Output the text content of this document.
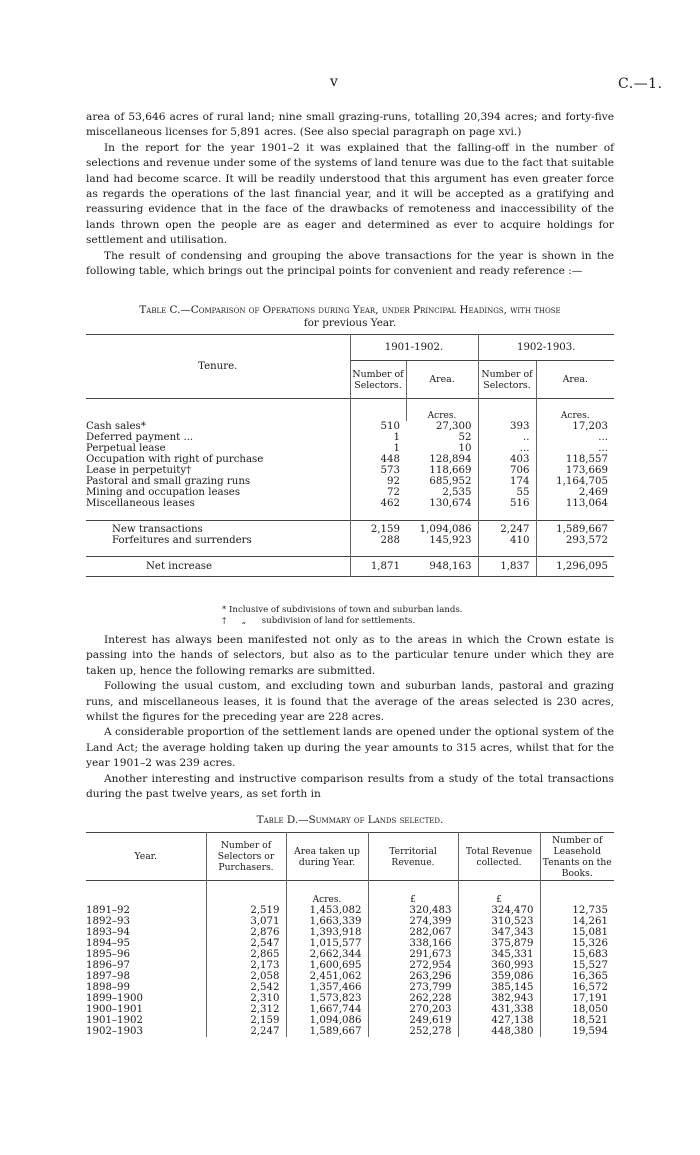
v	C.—1.

area of 53,646 acres of rural land; nine small grazing-runs, totalling 20,394 acres; and forty-five miscellaneous licenses for 5,891 acres. (See also special paragraph on page xvi.)

In the report for the year 1901–2 it was explained that the falling-off in the number of selections and revenue under some of the systems of land tenure was due to the fact that suitable land had become scarce. It will be readily understood that this argument has even greater force as regards the operations of the last financial year, and it will be accepted as a gratifying and reassuring evidence that in the face of the drawbacks of remoteness and inaccessibility of the lands thrown open the people are as eager and determined as ever to acquire holdings for settlement and utilisation.

The result of condensing and grouping the above transactions for the year is shown in the following table, which brings out the principal points for convenient and ready reference :—

Table C.—Comparison of Operations during Year, under Principal Headings, with those
for previous Year.
Tenure.	1901-1902.		1902-1903.	
	Number of Selectors.	Area.	Number of Selectors.	Area.
		Acres.		Acres.
Cash sales*	510	27,300	393	17,203
Deferred payment ...	1	52	..	...
Perpetual lease	1	10	...	...
Occupation with right of purchase	448	128,894	403	118,557
Lease in perpetuity†	573	118,669	706	173,669
Pastoral and small grazing runs	92	685,952	174	1,164,705
Mining and occupation leases	72	2,535	55	2,469
Miscellaneous leases	462	130,674	516	113,064

New transactions	2,159	1,094,086	2,247	1,589,667
Forfeitures and surrenders	288	145,923	410	293,572

Net increase	1,871	948,163	1,837	1,296,095

* Inclusive of subdivisions of town and suburban lands.
† „ subdivision of land for settlements.

Interest has always been manifested not only as to the areas in which the Crown estate is passing into the hands of selectors, but also as to the particular tenure under which they are taken up, hence the following remarks are submitted.

Following the usual custom, and excluding town and suburban lands, pastoral and grazing runs, and miscellaneous leases, it is found that the average of the areas selected is 230 acres, whilst the figures for the preceding year are 228 acres.

A considerable proportion of the settlement lands are opened under the optional system of the Land Act; the average holding taken up during the year amounts to 315 acres, whilst that for the year 1901–2 was 239 acres.

Another interesting and instructive comparison results from a study of the total transactions during the past twelve years, as set forth in

Table D.—Summary of Lands selected.
Year.	Number of Selectors or Purchasers.	Area taken up during Year.	Territorial Revenue.	Total Revenue collected.	Number of Leasehold Tenants on the Books.
		Acres.	£	£	
1891–92	2,519	1,453,082	320,483	324,470	12,735
1892–93	3,071	1,663,339	274,399	310,523	14,261
1893–94	2,876	1,393,918	282,067	347,343	15,081
1894–95	2,547	1,015,577	338,166	375,879	15,326
1895–96	2,865	2,662,344	291,673	345,331	15,683
1896–97	2,173	1,600,695	272,954	360,993	15,527
1897–98	2,058	2,451,062	263,296	359,086	16,365
1898–99	2,542	1,357,466	273,799	385,145	16,572
1899–1900	2,310	1,573,823	262,228	382,943	17,191
1900–1901	2,312	1,667,744	270,203	431,338	18,050
1901–1902	2,159	1,094,086	249,619	427,138	18,521
1902–1903	2,247	1,589,667	252,278	448,380	19,594
